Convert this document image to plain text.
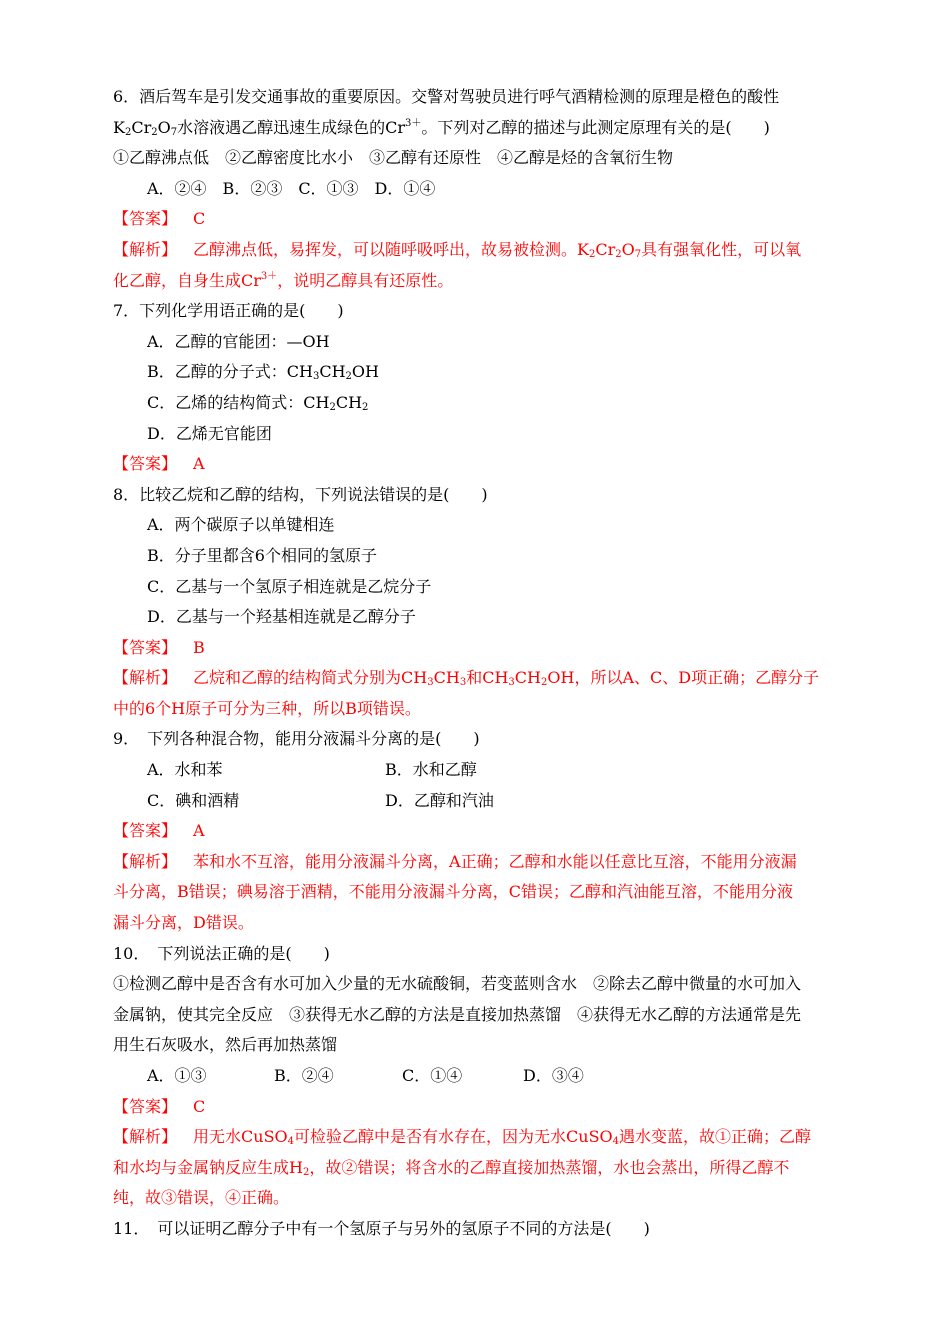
6．酒后驾车是引发交通事故的重要原因。交警对驾驶员进行呼气酒精检测的原理是橙色的酸性
$K_2Cr_2O_7$水溶液遇乙醇迅速生成绿色的$Cr^{3+}$。下列对乙醇的描述与此测定原理有关的是(　　)
①乙醇沸点低　②乙醇密度比水小　③乙醇有还原性　④乙醇是烃的含氧衍生物
A．②④　B．②③　C．①③　D．①④
【答案】 C
【解析】 乙醇沸点低，易挥发，可以随呼吸呼出，故易被检测。$K_2Cr_2O_7$具有强氧化性，可以氧
化乙醇，自身生成$Cr^{3+}$，说明乙醇具有还原性。
7．下列化学用语正确的是(　　)
A．乙醇的官能团：—OH
B．乙醇的分子式：$CH_3CH_2OH$
C．乙烯的结构简式：$CH_2CH_2$
D．乙烯无官能团
【答案】 A
8．比较乙烷和乙醇的结构，下列说法错误的是(　　)
A．两个碳原子以单键相连
B．分子里都含6个相同的氢原子
C．乙基与一个氢原子相连就是乙烷分子
D．乙基与一个羟基相连就是乙醇分子
【答案】 B
【解析】 乙烷和乙醇的结构简式分别为$CH_3CH_3$和$CH_3CH_2OH$，所以A、C、D项正确；乙醇分子
中的6个H原子可分为三种，所以B项错误。
9．　下列各种混合物，能用分液漏斗分离的是(　　)
A．水和苯	B．水和乙醇
C．碘和酒精	D．乙醇和汽油
【答案】 A
【解析】 苯和水不互溶，能用分液漏斗分离，A正确；乙醇和水能以任意比互溶，不能用分液漏
斗分离，B错误；碘易溶于酒精，不能用分液漏斗分离，C错误；乙醇和汽油能互溶，不能用分液
漏斗分离，D错误。
10．　下列说法正确的是(　　)
①检测乙醇中是否含有水可加入少量的无水硫酸铜，若变蓝则含水　②除去乙醇中微量的水可加入
金属钠，使其完全反应　③获得无水乙醇的方法是直接加热蒸馏　④获得无水乙醇的方法通常是先
用生石灰吸水，然后再加热蒸馏
A．①③	B．②④	C．①④	D．③④
【答案】 C
【解析】 用无水CuSO$_4$可检验乙醇中是否有水存在，因为无水CuSO$_4$遇水变蓝，故①正确；乙醇
和水均与金属钠反应生成$H_2$，故②错误；将含水的乙醇直接加热蒸馏，水也会蒸出，所得乙醇不
纯，故③错误，④正确。
11．　可以证明乙醇分子中有一个氢原子与另外的氢原子不同的方法是(　　)
